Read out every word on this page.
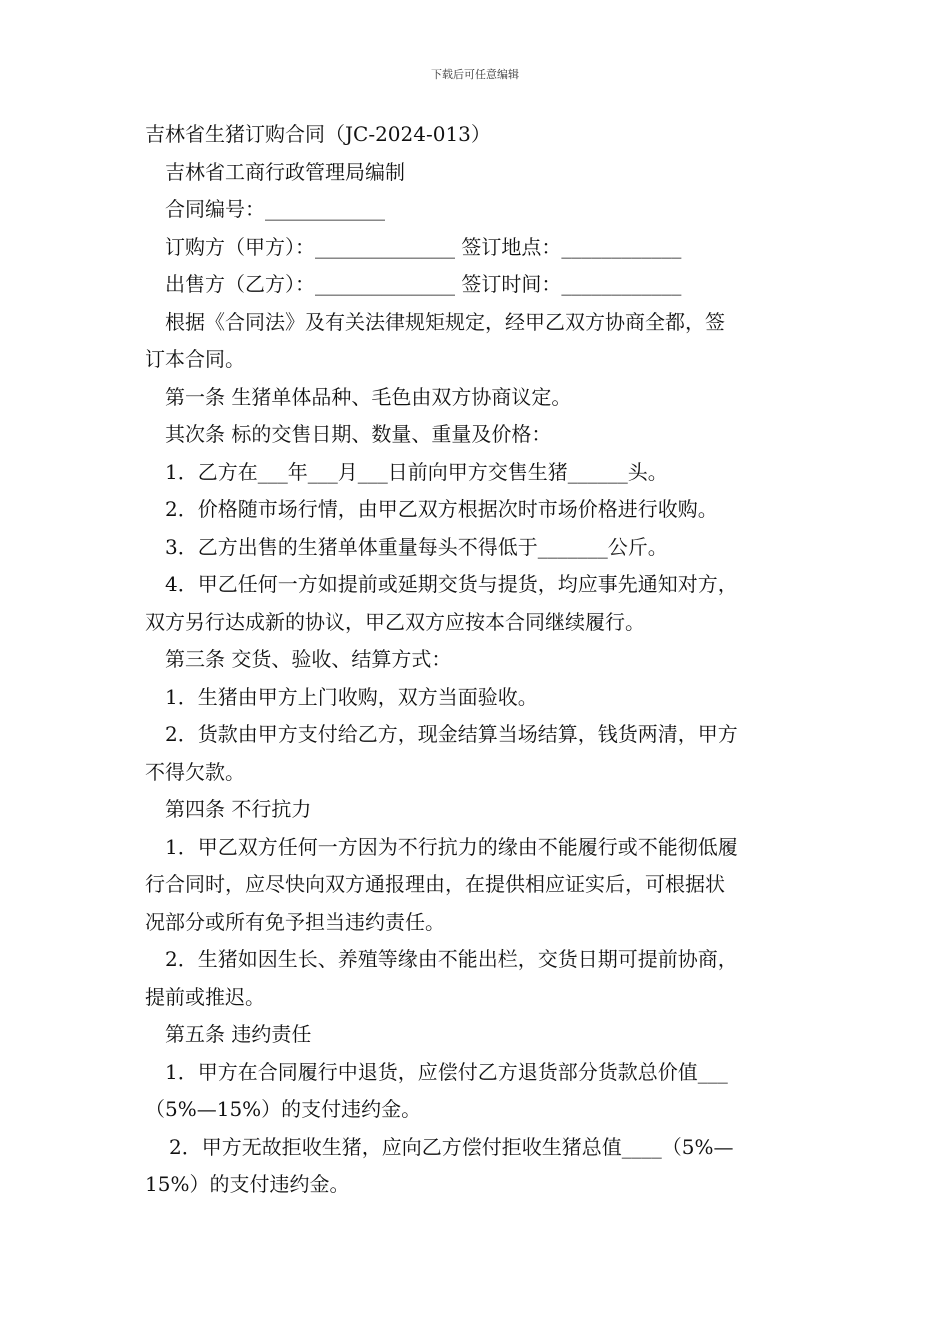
下载后可任意编辑
吉林省生猪订购合同（JC-2024-013）
吉林省工商行政管理局编制
合同编号：____________
订购方（甲方）：______________ 签订地点：____________
出售方（乙方）：______________ 签订时间：____________
根据《合同法》及有关法律规矩规定，经甲乙双方协商全都，签
订本合同。
第一条 生猪单体品种、毛色由双方协商议定。
其次条 标的交售日期、数量、重量及价格：
1．乙方在___年___月___日前向甲方交售生猪______头。
2．价格随市场行情，由甲乙双方根据次时市场价格进行收购。
3．乙方出售的生猪单体重量每头不得低于_______公斤。
4．甲乙任何一方如提前或延期交货与提货，均应事先通知对方，
双方另行达成新的协议，甲乙双方应按本合同继续履行。
第三条 交货、验收、结算方式：
1．生猪由甲方上门收购，双方当面验收。
2．货款由甲方支付给乙方，现金结算当场结算，钱货两清，甲方
不得欠款。
第四条 不行抗力
1．甲乙双方任何一方因为不行抗力的缘由不能履行或不能彻低履
行合同时，应尽快向双方通报理由，在提供相应证实后，可根据状
况部分或所有免予担当违约责任。
2．生猪如因生长、养殖等缘由不能出栏，交货日期可提前协商，
提前或推迟。
第五条 违约责任
1．甲方在合同履行中退货，应偿付乙方退货部分货款总价值___
（5%—15%）的支付违约金。
2．甲方无故拒收生猪，应向乙方偿付拒收生猪总值____（5%—
15%）的支付违约金。
